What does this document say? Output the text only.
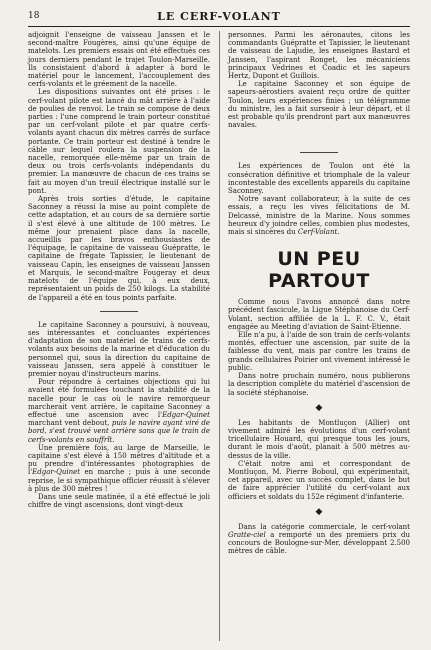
18	LE CERF-VOLANT

adjoignit l'enseigne de vaisseau Janssen et le second-maître Fougères, ainsi qu'une équipe de matelots. Les premiers essais ont été effectués ces jours derniers pendant le trajet Toulon-Marseille. Ils consistaient d'abord à adapter à bord le matériel pour le lancement, l'accouplement des cerfs-volants et le gréement de la nacelle.

Les dispositions suivantes ont été prises : le cerf-volant pilote est lancé du mât arrière à l'aide de poulies de renvoi. Le train se compose de deux parties : l'une comprend le train porteur constitué par un cerf-volant pilote et par quatre cerfs-volants ayant chacun dix mètres carrés de surface portante. Ce train porteur est destiné à tendre le câble sur lequel roulera la suspension de la nacelle, remorquée elle-même par un train de deux ou trois cerfs-volants indépendants du premier. La manœuvre de chacun de ces trains se fait au moyen d'un treuil électrique installé sur le pont.

Après trois sorties d'étude, le capitaine Saconney a réussi la mise au point complète de cette adaptation, et au cours de sa dernière sortie il s'est élevé à une altitude de 100 mètres. Le même jour prenaient place dans la nacelle, accueillis par les bravos enthousiastes de l'équipage, le capitaine de vaisseau Guépratte, le capitaine de frégate Tapissier, le lieutenant de vaisseau Capin, les enseignes de vaisseau Janssen et Marquis, le second-maître Fougeray et deux matelots de l'équipe qui, à eux deux, représentaient un poids de 250 kilogs. La stabilité de l'appareil a été en tous points parfaite.

Le capitaine Saconney a poursuivi, à nouveau, ses intéressantes et concluantes expériences d'adaptation de son matériel de trains de cerfs-volants aux besoins de la marine et d'éducation du personnel qui, sous la direction du capitaine de vaisseau Janssen, sera appelé à constituer le premier noyau d'instructeurs marins.

Pour répondre à certaines objections qui lui avaient été formulées touchant la stabilité de la nacelle pour le cas où le navire remorqueur marcherait vent arrière, le capitaine Saconney a effectué une ascension avec l'Edgar-Quinet marchant vent debout, puis le navire ayant viré de bord, s'est trouvé vent arrière sans que le train de cerfs-volants en souffrît.

Une première fois, au large de Marseille, le capitaine s'est élevé à 150 mètres d'altitude et a pu prendre d'intéressantes photographies de l'Edgar-Quinet en marche ; puis à une seconde reprise, le si sympathique officier réussit à s'élever à plus de 300 mètres !

Dans une seule matinée, il a été effectué le joli chiffre de vingt ascensions, dont vingt-deux

personnes. Parmi les aéronautes, citons les commandants Guépratte et Tapissier, le lieutenant de vaisseau de Lajudie, les enseignes Bastard et Janssen, l'aspirant Ronget, les mécaniciens principaux Vedrines et Coadic et les sapeurs Hertz, Dupont et Guillois.

Le capitaine Saconney et son équipe de sapeurs-aérostiers avaient reçu ordre de quitter Toulon, leurs expériences finies ; un télégramme du ministre, les a fait surseoir à leur départ, et il est probable qu'ils prendront part aux manœuvres navales.

Les expériences de Toulon ont été la consécration définitive et triomphale de la valeur incontestable des excellents appareils du capitaine Saconney.

Notre savant collaborateur, à la suite de ces essais, a reçu les vives félicitations de M. Delcassé, ministre de la Marine. Nous sommes heureux d'y joindre celles, combien plus modestes, mais si sincères du Cerf-Volant.

UN PEU PARTOUT

Comme nous l'avons annoncé dans notre précédent fascicule, la Ligue Stéphanoise du Cerf-Volant, section affiliée de la L. F. C. V., était engagée au Meeting d'aviation de Saint-Etienne.

Elle n'a pu, à l'aide de son train de cerfs-volants montés, effectuer une ascension, par suite de la faiblesse du vent, mais par contre les trains de grands cellulaires Poirier ont vivement intéressé le public.

Dans notre prochain numéro, nous publierons la description complète du matériel d'ascension de la société stéphanoise.

◆

Les habitants de Montluçon (Allier) ont vivement admiré les évolutions d'un cerf-volant tricellulaire Houard, qui presque tous les jours, durant le mois d'août, planait à 500 mètres au-dessus de la ville.

C'était notre ami et correspondant de Montluçon, M. Pierre Boboul, qui expérimentait, cet appareil, avec un succès complet, dans le but de faire apprécier l'utilité du cerf-volant aux officiers et soldats du 152e régiment d'infanterie.

◆

Dans la catégorie commerciale, le cerf-volant Gratte-ciel a remporté un des premiers prix du concours de Boulogne-sur-Mer, développant 2.500 mètres de câble.
